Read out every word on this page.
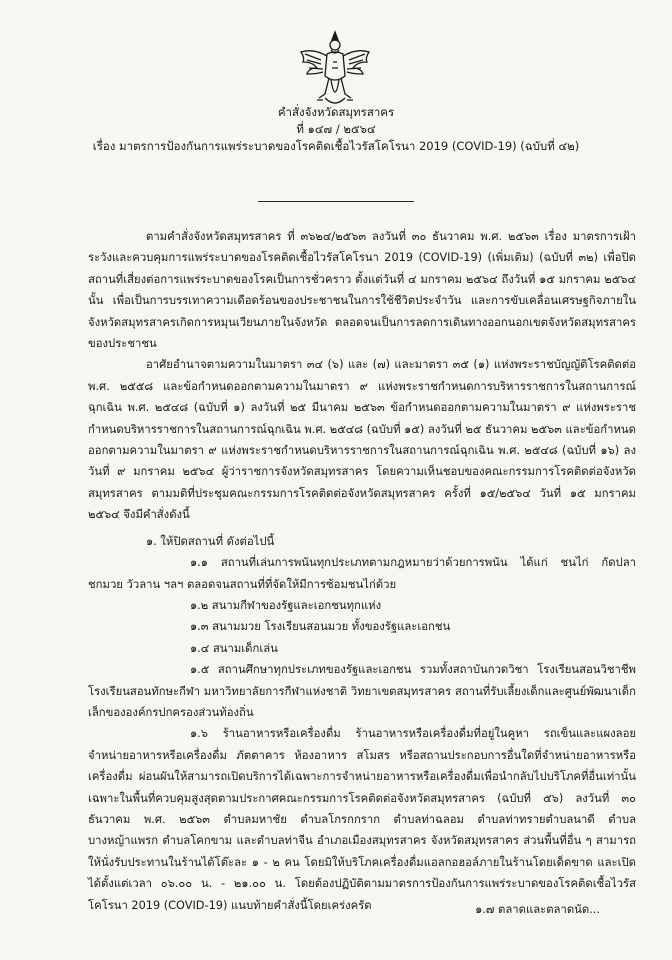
คำสั่งจังหวัดสมุทรสาคร
ที่ ๑๔๗ / ๒๕๖๔
เรื่อง มาตรการป้องกันการแพร่ระบาดของโรคติดเชื้อไวรัสโคโรนา 2019 (COVID-19) (ฉบับที่ ๔๒)

ตามคำสั่งจังหวัดสมุทรสาคร ที่ ๓๖๒๔/๒๕๖๓ ลงวันที่ ๓๐ ธันวาคม พ.ศ. ๒๕๖๓ เรื่อง มาตรการเฝ้าระวังและควบคุมการแพร่ระบาดของโรคติดเชื้อไวรัสโคโรนา 2019 (COVID-19) (เพิ่มเติม) (ฉบับที่ ๓๒) เพื่อปิดสถานที่เสี่ยงต่อการแพร่ระบาดของโรคเป็นการชั่วคราว ตั้งแต่วันที่ ๔ มกราคม ๒๕๖๔ ถึงวันที่ ๑๕ มกราคม ๒๕๖๔ นั้น เพื่อเป็นการบรรเทาความเดือดร้อนของประชาชนในการใช้ชีวิตประจำวัน และการขับเคลื่อนเศรษฐกิจภายในจังหวัดสมุทรสาครเกิดการหมุนเวียนภายในจังหวัด ตลอดจนเป็นการลดการเดินทางออกนอกเขตจังหวัดสมุทรสาครของประชาชน

อาศัยอำนาจตามความในมาตรา ๓๔ (๖) และ (๗) และมาตรา ๓๕ (๑) แห่งพระราชบัญญัติโรคติดต่อ พ.ศ. ๒๕๕๘ และข้อกำหนดออกตามความในมาตรา ๙ แห่งพระราชกำหนดการบริหารราชการในสถานการณ์ฉุกเฉิน พ.ศ. ๒๕๔๘ (ฉบับที่ ๑) ลงวันที่ ๒๕ มีนาคม ๒๕๖๓ ข้อกำหนดออกตามความในมาตรา ๙ แห่งพระราชกำหนดบริหารราชการในสถานการณ์ฉุกเฉิน พ.ศ. ๒๕๔๘ (ฉบับที่ ๑๕) ลงวันที่ ๒๕ ธันวาคม ๒๕๖๓ และข้อกำหนดออกตามความในมาตรา ๙ แห่งพระราชกำหนดบริหารราชการในสถานการณ์ฉุกเฉิน พ.ศ. ๒๕๔๘ (ฉบับที่ ๑๖) ลงวันที่ ๙ มกราคม ๒๕๖๔ ผู้ว่าราชการจังหวัดสมุทรสาคร โดยความเห็นชอบของคณะกรรมการโรคติดต่อจังหวัดสมุทรสาคร ตามมติที่ประชุมคณะกรรมการโรคติดต่อจังหวัดสมุทรสาคร ครั้งที่ ๑๕/๒๕๖๔ วันที่ ๑๕ มกราคม ๒๕๖๔ จึงมีคำสั่งดังนี้

๑. ให้ปิดสถานที่ ดังต่อไปนี้

๑.๑ สถานที่เล่นการพนันทุกประเภทตามกฎหมายว่าด้วยการพนัน ได้แก่ ชนไก่ กัดปลา ชกมวย วัวลาน ฯลฯ ตลอดจนสถานที่ที่จัดให้มีการซ้อมชนไก่ด้วย

๑.๒ สนามกีฬาของรัฐและเอกชนทุกแห่ง

๑.๓ สนามมวย โรงเรียนสอนมวย ทั้งของรัฐและเอกชน

๑.๔ สนามเด็กเล่น

๑.๕ สถานศึกษาทุกประเภทของรัฐและเอกชน รวมทั้งสถาบันกวดวิชา โรงเรียนสอนวิชาชีพ โรงเรียนสอนทักษะกีฬา มหาวิทยาลัยการกีฬาแห่งชาติ วิทยาเขตสมุทรสาคร สถานที่รับเลี้ยงเด็กและศูนย์พัฒนาเด็กเล็กขององค์กรปกครองส่วนท้องถิ่น

๑.๖ ร้านอาหารหรือเครื่องดื่ม ร้านอาหารหรือเครื่องดื่มที่อยู่ในคูหา รถเข็นและแผงลอยจำหน่ายอาหารหรือเครื่องดื่ม ภัตตาคาร ห้องอาหาร สโมสร หรือสถานประกอบการอื่นใดที่จำหน่ายอาหารหรือเครื่องดื่ม ผ่อนผันให้สามารถเปิดบริการได้เฉพาะการจำหน่ายอาหารหรือเครื่องดื่มเพื่อนำกลับไปบริโภคที่อื่นเท่านั้น เฉพาะในพื้นที่ควบคุมสูงสุดตามประกาศคณะกรรมการโรคติดต่อจังหวัดสมุทรสาคร (ฉบับที่ ๕๖) ลงวันที่ ๓๐ ธันวาคม พ.ศ. ๒๕๖๓ ตำบลมหาชัย ตำบลโกรกกราก ตำบลท่าฉลอม ตำบลท่าทรายตำบลนาดี ตำบลบางหญ้าแพรก ตำบลโคกขาม และตำบลท่าจีน อำเภอเมืองสมุทรสาคร จังหวัดสมุทรสาคร ส่วนพื้นที่อื่น ๆ สามารถให้นั่งรับประทานในร้านได้โต๊ะละ ๑ - ๒ คน โดยมิให้บริโภคเครื่องดื่มแอลกอฮอล์ภายในร้านโดยเด็ดขาด และเปิดได้ตั้งแต่เวลา ๐๖.๐๐ น. - ๒๑.๐๐ น. โดยต้องปฏิบัติตามมาตรการป้องกันการแพร่ระบาดของโรคติดเชื้อไวรัสโคโรนา 2019 (COVID-19) แนบท้ายคำสั่งนี้โดยเคร่งครัด	๑.๗ ตลาดและตลาดนัด...
